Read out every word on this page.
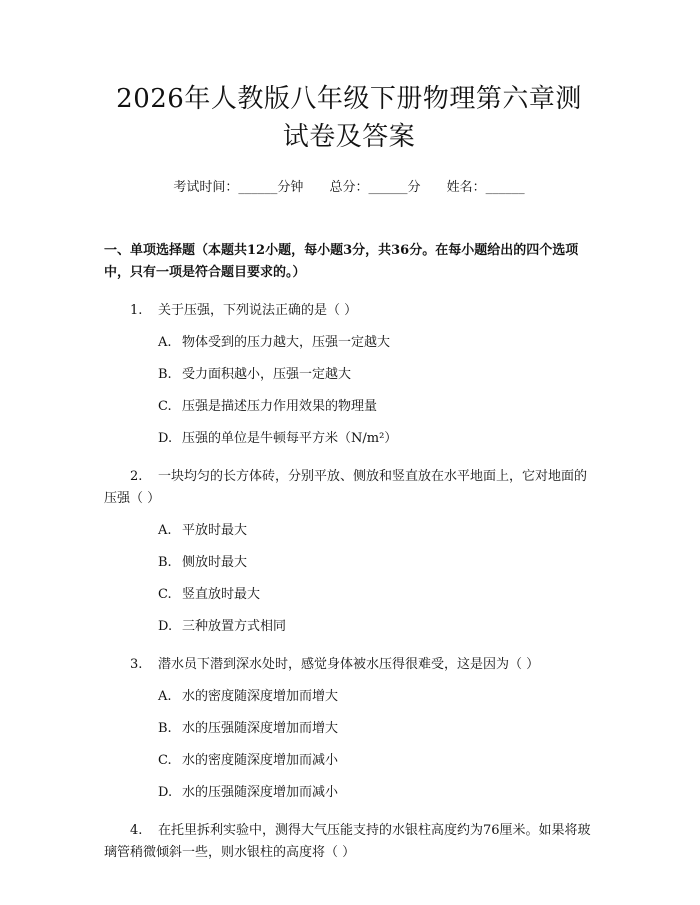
2026年人教版八年级下册物理第六章测试卷及答案
考试时间：______分钟 总分：______分 姓名：______
一、单项选择题（本题共12小题，每小题3分，共36分。在每小题给出的四个选项中，只有一项是符合题目要求的。）
1. 关于压强，下列说法正确的是（ ）
A. 物体受到的压力越大，压强一定越大
B. 受力面积越小，压强一定越大
C. 压强是描述压力作用效果的物理量
D. 压强的单位是牛顿每平方米（N/m²）
2. 一块均匀的长方体砖，分别平放、侧放和竖直放在水平地面上，它对地面的压强（ ）
A. 平放时最大
B. 侧放时最大
C. 竖直放时最大
D. 三种放置方式相同
3. 潜水员下潜到深水处时，感觉身体被水压得很难受，这是因为（ ）
A. 水的密度随深度增加而增大
B. 水的压强随深度增加而增大
C. 水的密度随深度增加而减小
D. 水的压强随深度增加而减小
4. 在托里拆利实验中，测得大气压能支持的水银柱高度约为76厘米。如果将玻璃管稍微倾斜一些，则水银柱的高度将（ ）
